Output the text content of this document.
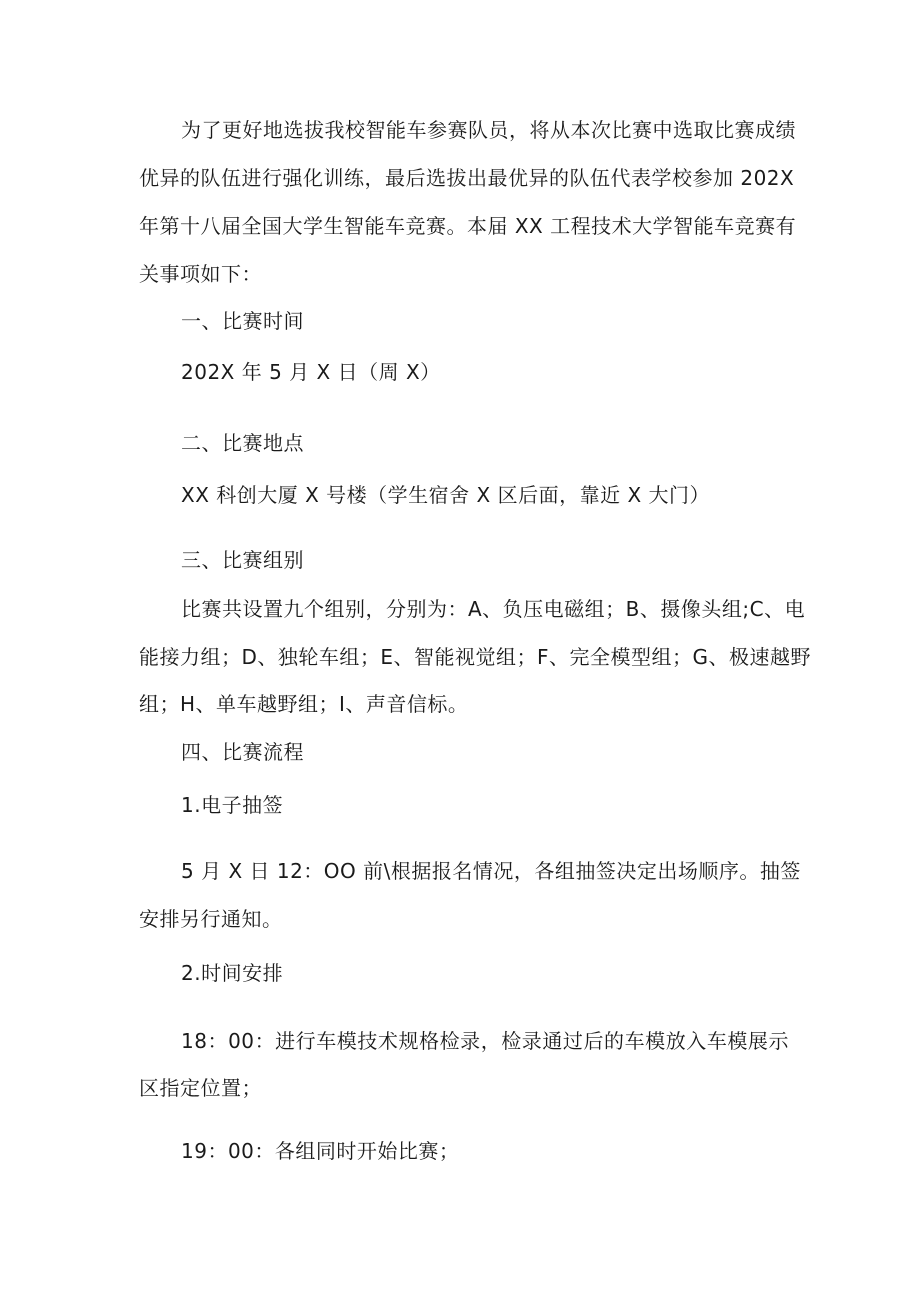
为了更好地选拔我校智能车参赛队员，将从本次比赛中选取比赛成绩
优异的队伍进行强化训练，最后选拔出最优异的队伍代表学校参加 202X
年第十八届全国大学生智能车竞赛。本届 XX 工程技术大学智能车竞赛有
关事项如下：
一、比赛时间
202X 年 5 月 X 日（周 X）
二、比赛地点
XX 科创大厦 X 号楼（学生宿舍 X 区后面，靠近 X 大门）
三、比赛组别
比赛共设置九个组别，分别为：A、负压电磁组；B、摄像头组;C、电
能接力组；D、独轮车组；E、智能视觉组；F、完全模型组；G、极速越野
组；H、单车越野组；I、声音信标。
四、比赛流程
1.电子抽签
5 月 X 日 12：OO 前\根据报名情况，各组抽签决定出场顺序。抽签
安排另行通知。
2.时间安排
18：00：进行车模技术规格检录，检录通过后的车模放入车模展示
区指定位置；
19：00：各组同时开始比赛；
